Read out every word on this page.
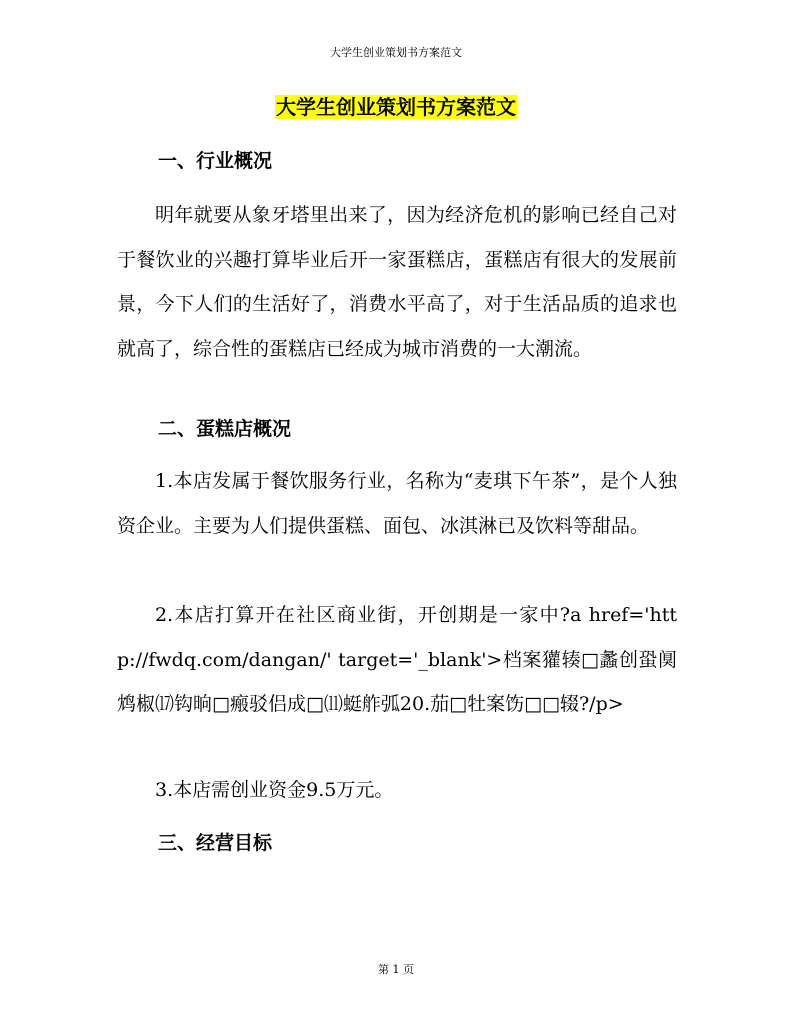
大学生创业策划书方案范文
大学生创业策划书方案范文
一、行业概况

明年就要从象牙塔里出来了，因为经济危机的影响已经自己对于餐饮业的兴趣打算毕业后开一家蛋糕店，蛋糕店有很大的发展前景，今下人们的生活好了，消费水平高了，对于生活品质的追求也就高了，综合性的蛋糕店已经成为城市消费的一大潮流。

二、蛋糕店概况

1.本店发属于餐饮服务行业，名称为“麦琪下午茶”，是个人独资企业。主要为人们提供蛋糕、面包、冰淇淋已及饮料等甜品。

2.本店打算开在社区商业街，开创期是一家中?a href='http://fwdq.com/dangan/' target='_blank'>档案獾辏□蠡创蛩阒鸩椒⒄钩晌□瘢驳侣成□⑾蜓舴弧20.茄□牡案饬□□辍?/p>

3.本店需创业资金9.5万元。

三、经营目标
第 1 页
